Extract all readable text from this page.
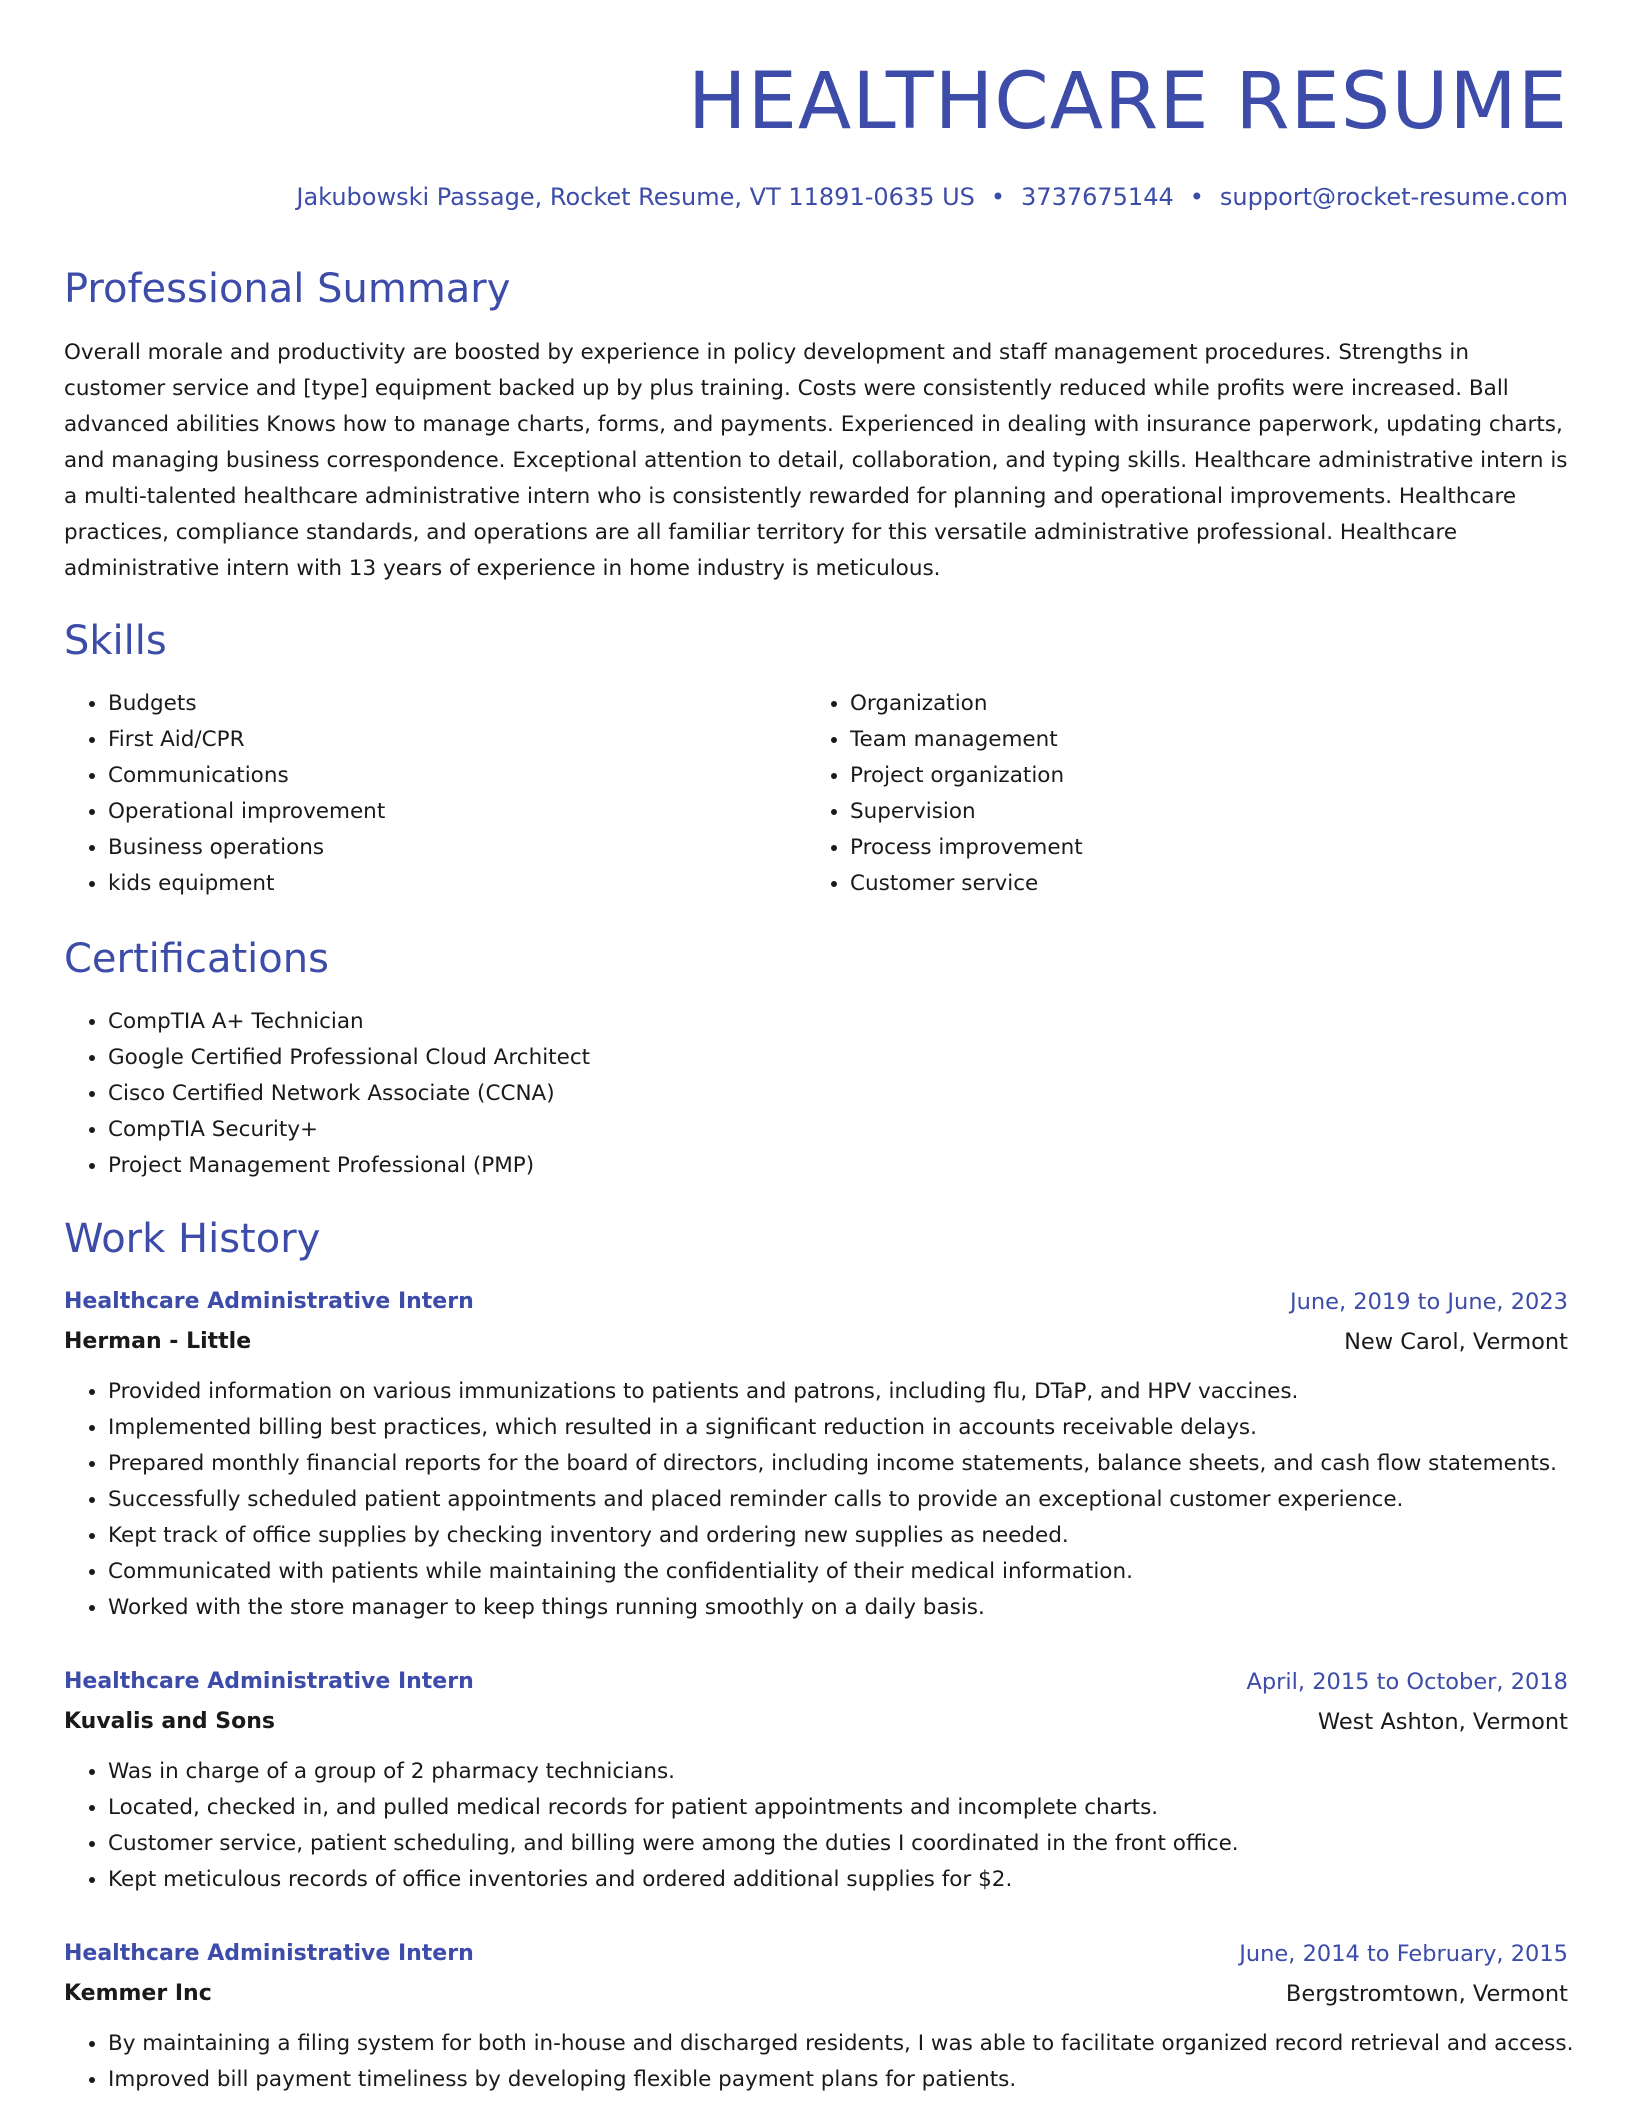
HEALTHCARE RESUME
Jakubowski Passage, Rocket Resume, VT 11891-0635 US • 3737675144 • support@rocket-resume.com
Professional Summary

Overall morale and productivity are boosted by experience in policy development and staff management procedures. Strengths in customer service and [type] equipment backed up by plus training. Costs were consistently reduced while profits were increased. Ball advanced abilities Knows how to manage charts, forms, and payments. Experienced in dealing with insurance paperwork, updating charts, and managing business correspondence. Exceptional attention to detail, collaboration, and typing skills. Healthcare administrative intern is a multi-talented healthcare administrative intern who is consistently rewarded for planning and operational improvements. Healthcare practices, compliance standards, and operations are all familiar territory for this versatile administrative professional. Healthcare administrative intern with 13 years of experience in home industry is meticulous.

Skills
• Budgets
• First Aid/CPR
• Communications
• Operational improvement
• Business operations
• kids equipment
• Organization
• Team management
• Project organization
• Supervision
• Process improvement
• Customer service
Certifications
• CompTIA A+ Technician
• Google Certified Professional Cloud Architect
• Cisco Certified Network Associate (CCNA)
• CompTIA Security+
• Project Management Professional (PMP)
Work History
Healthcare Administrative Intern	June, 2019 to June, 2023
Herman - Little	New Carol, Vermont
• Provided information on various immunizations to patients and patrons, including flu, DTaP, and HPV vaccines.
• Implemented billing best practices, which resulted in a significant reduction in accounts receivable delays.
• Prepared monthly financial reports for the board of directors, including income statements, balance sheets, and cash flow statements.
• Successfully scheduled patient appointments and placed reminder calls to provide an exceptional customer experience.
• Kept track of office supplies by checking inventory and ordering new supplies as needed.
• Communicated with patients while maintaining the confidentiality of their medical information.
• Worked with the store manager to keep things running smoothly on a daily basis.
Healthcare Administrative Intern	April, 2015 to October, 2018
Kuvalis and Sons	West Ashton, Vermont
• Was in charge of a group of 2 pharmacy technicians.
• Located, checked in, and pulled medical records for patient appointments and incomplete charts.
• Customer service, patient scheduling, and billing were among the duties I coordinated in the front office.
• Kept meticulous records of office inventories and ordered additional supplies for $2.
Healthcare Administrative Intern	June, 2014 to February, 2015
Kemmer Inc	Bergstromtown, Vermont
• By maintaining a filing system for both in-house and discharged residents, I was able to facilitate organized record retrieval and access.
• Improved bill payment timeliness by developing flexible payment plans for patients.
